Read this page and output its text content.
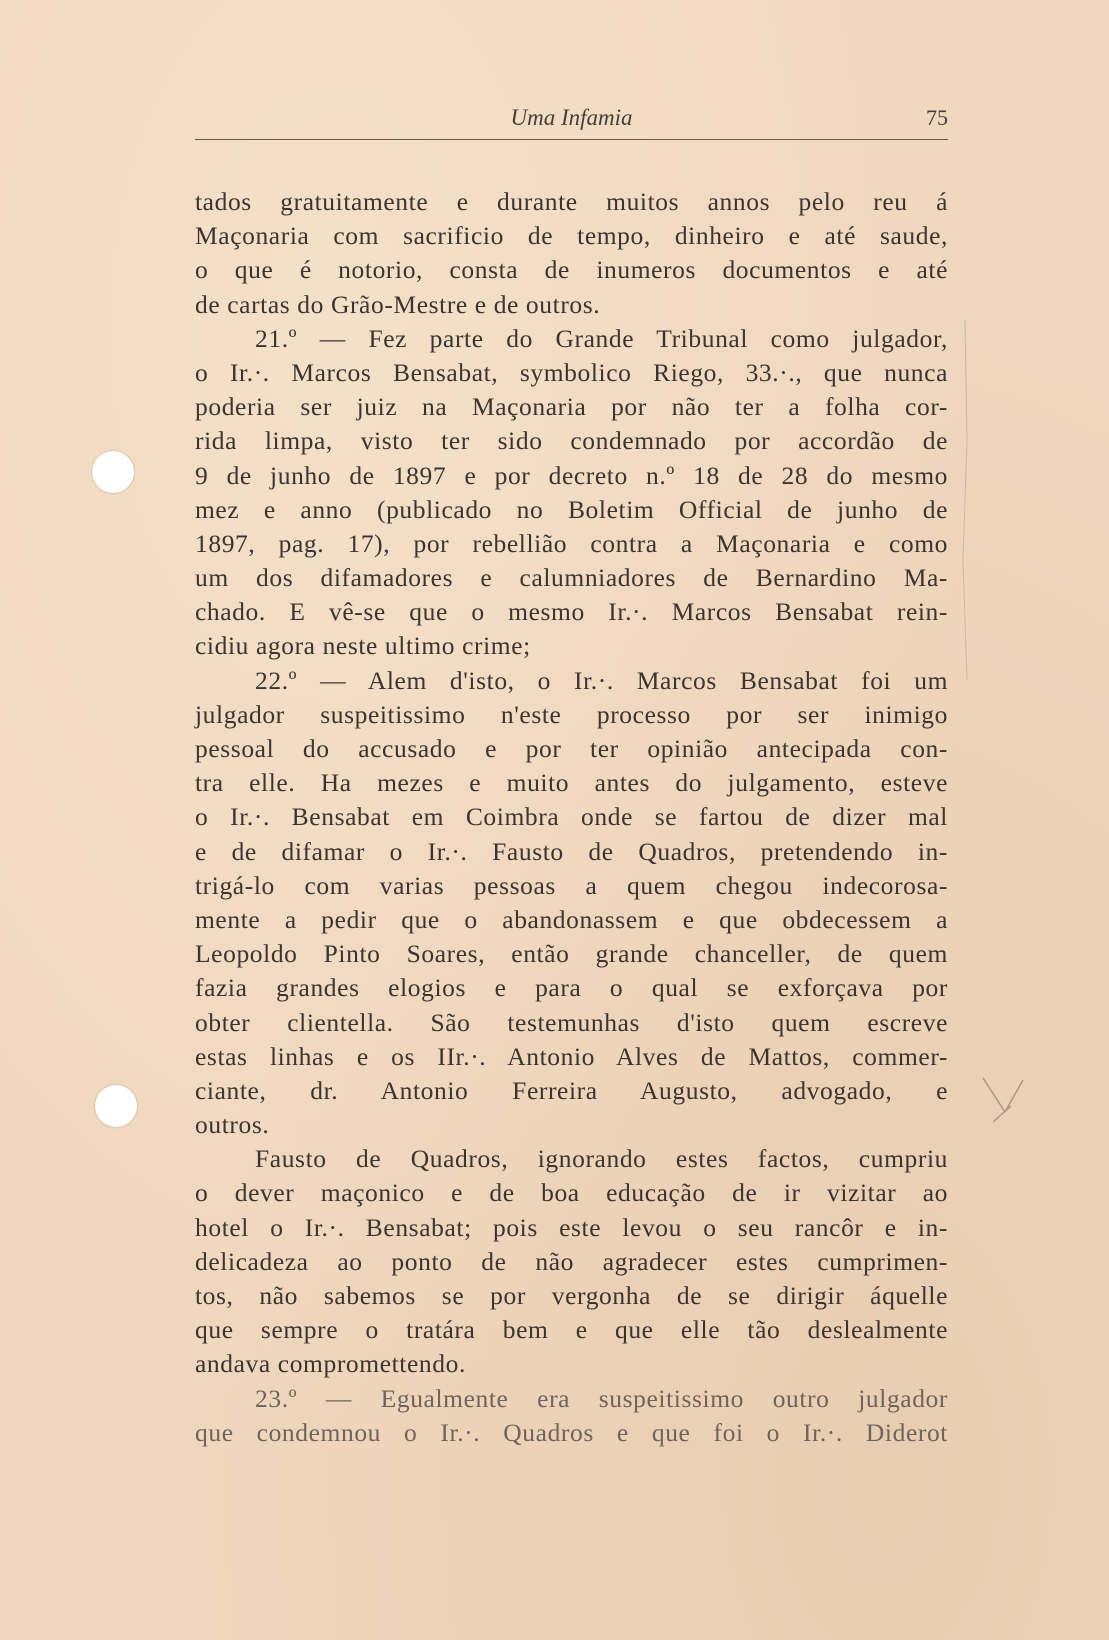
Uma Infamia	75
tados gratuitamente e durante muitos annos pelo reu á
Maçonaria com sacrificio de tempo, dinheiro e até saude,
o que é notorio, consta de inumeros documentos e até
de cartas do Grão-Mestre e de outros.
21.º — Fez parte do Grande Tribunal como julgador,
o Ir.·. Marcos Bensabat, symbolico Riego, 33.·., que nunca
poderia ser juiz na Maçonaria por não ter a folha cor-
rida limpa, visto ter sido condemnado por accordão de
9 de junho de 1897 e por decreto n.º 18 de 28 do mesmo
mez e anno (publicado no Boletim Official de junho de
1897, pag. 17), por rebellião contra a Maçonaria e como
um dos difamadores e calumniadores de Bernardino Ma-
chado. E vê-se que o mesmo Ir.·. Marcos Bensabat rein-
cidiu agora neste ultimo crime;
22.º — Alem d'isto, o Ir.·. Marcos Bensabat foi um
julgador suspeitissimo n'este processo por ser inimigo
pessoal do accusado e por ter opinião antecipada con-
tra elle. Ha mezes e muito antes do julgamento, esteve
o Ir.·. Bensabat em Coimbra onde se fartou de dizer mal
e de difamar o Ir.·. Fausto de Quadros, pretendendo in-
trigá-lo com varias pessoas a quem chegou indecorosa-
mente a pedir que o abandonassem e que obdecessem a
Leopoldo Pinto Soares, então grande chanceller, de quem
fazia grandes elogios e para o qual se exforçava por
obter clientella. São testemunhas d'isto quem escreve
estas linhas e os IIr.·. Antonio Alves de Mattos, commer-
ciante, dr. Antonio Ferreira Augusto, advogado, e
outros.
Fausto de Quadros, ignorando estes factos, cumpriu
o dever maçonico e de boa educação de ir vizitar ao
hotel o Ir.·. Bensabat; pois este levou o seu rancôr e in-
delicadeza ao ponto de não agradecer estes cumprimen-
tos, não sabemos se por vergonha de se dirigir áquelle
que sempre o tratára bem e que elle tão deslealmente
andava compromettendo.
23.º — Egualmente era suspeitissimo outro julgador
que condemnou o Ir.·. Quadros e que foi o Ir.·. Diderot
